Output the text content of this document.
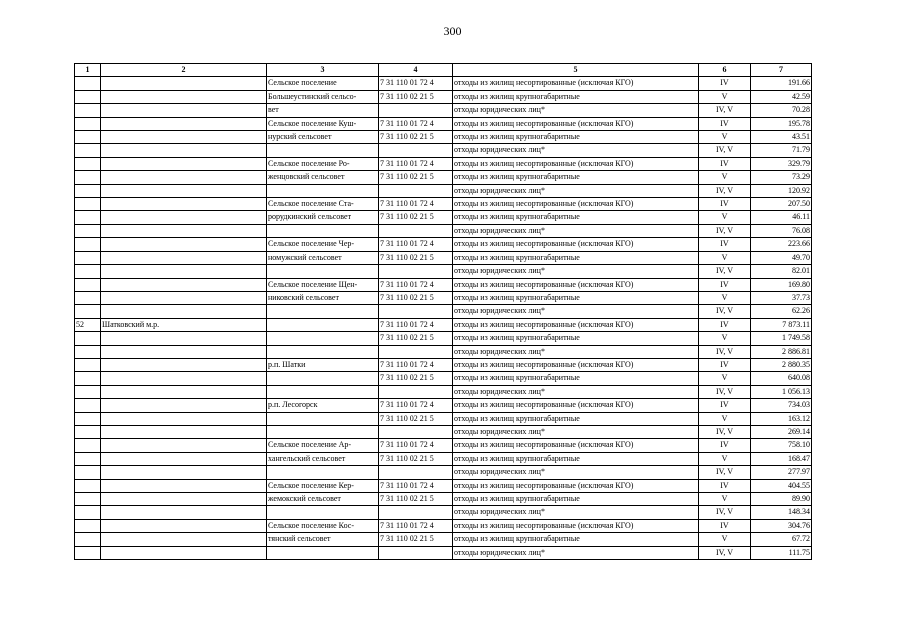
300
1	2	3	4	5	6	7
		Сельское поселение	7 31 110 01 72 4	отходы из жилищ несортированные (исключая КГО)	IV	191.66
		Большеустинский сельсо-	7 31 110 02 21 5	отходы из жилищ крупногабаритные	V	42.59
		вет		отходы юридических лиц*	IV, V	70.28
		Сельское поселение Куш-	7 31 110 01 72 4	отходы из жилищ несортированные (исключая КГО)	IV	195.78
		нурский сельсовет	7 31 110 02 21 5	отходы из жилищ крупногабаритные	V	43.51
				отходы юридических лиц*	IV, V	71.79
		Сельское поселение Ро-	7 31 110 01 72 4	отходы из жилищ несортированные (исключая КГО)	IV	329.79
		женцовский сельсовет	7 31 110 02 21 5	отходы из жилищ крупногабаритные	V	73.29
				отходы юридических лиц*	IV, V	120.92
		Сельское поселение Ста-	7 31 110 01 72 4	отходы из жилищ несортированные (исключая КГО)	IV	207.50
		рорудкинский сельсовет	7 31 110 02 21 5	отходы из жилищ крупногабаритные	V	46.11
				отходы юридических лиц*	IV, V	76.08
		Сельское поселение Чер-	7 31 110 01 72 4	отходы из жилищ несортированные (исключая КГО)	IV	223.66
		номужский сельсовет	7 31 110 02 21 5	отходы из жилищ крупногабаритные	V	49.70
				отходы юридических лиц*	IV, V	82.01
		Сельское поселение Щен-	7 31 110 01 72 4	отходы из жилищ несортированные (исключая КГО)	IV	169.80
		никовский сельсовет	7 31 110 02 21 5	отходы из жилищ крупногабаритные	V	37.73
				отходы юридических лиц*	IV, V	62.26
52	Шатковский м.р.		7 31 110 01 72 4	отходы из жилищ несортированные (исключая КГО)	IV	7 873.11
			7 31 110 02 21 5	отходы из жилищ крупногабаритные	V	1 749.58
				отходы юридических лиц*	IV, V	2 886.81
		р.п. Шатки	7 31 110 01 72 4	отходы из жилищ несортированные (исключая КГО)	IV	2 880.35
			7 31 110 02 21 5	отходы из жилищ крупногабаритные	V	640.08
				отходы юридических лиц*	IV, V	1 056.13
		р.п. Лесогорск	7 31 110 01 72 4	отходы из жилищ несортированные (исключая КГО)	IV	734.03
			7 31 110 02 21 5	отходы из жилищ крупногабаритные	V	163.12
				отходы юридических лиц*	IV, V	269.14
		Сельское поселение Ар-	7 31 110 01 72 4	отходы из жилищ несортированные (исключая КГО)	IV	758.10
		хангельский сельсовет	7 31 110 02 21 5	отходы из жилищ крупногабаритные	V	168.47
				отходы юридических лиц*	IV, V	277.97
		Сельское поселение Кер-	7 31 110 01 72 4	отходы из жилищ несортированные (исключая КГО)	IV	404.55
		жемокский сельсовет	7 31 110 02 21 5	отходы из жилищ крупногабаритные	V	89.90
				отходы юридических лиц*	IV, V	148.34
		Сельское поселение Кос-	7 31 110 01 72 4	отходы из жилищ несортированные (исключая КГО)	IV	304.76
		тянский сельсовет	7 31 110 02 21 5	отходы из жилищ крупногабаритные	V	67.72
				отходы юридических лиц*	IV, V	111.75
